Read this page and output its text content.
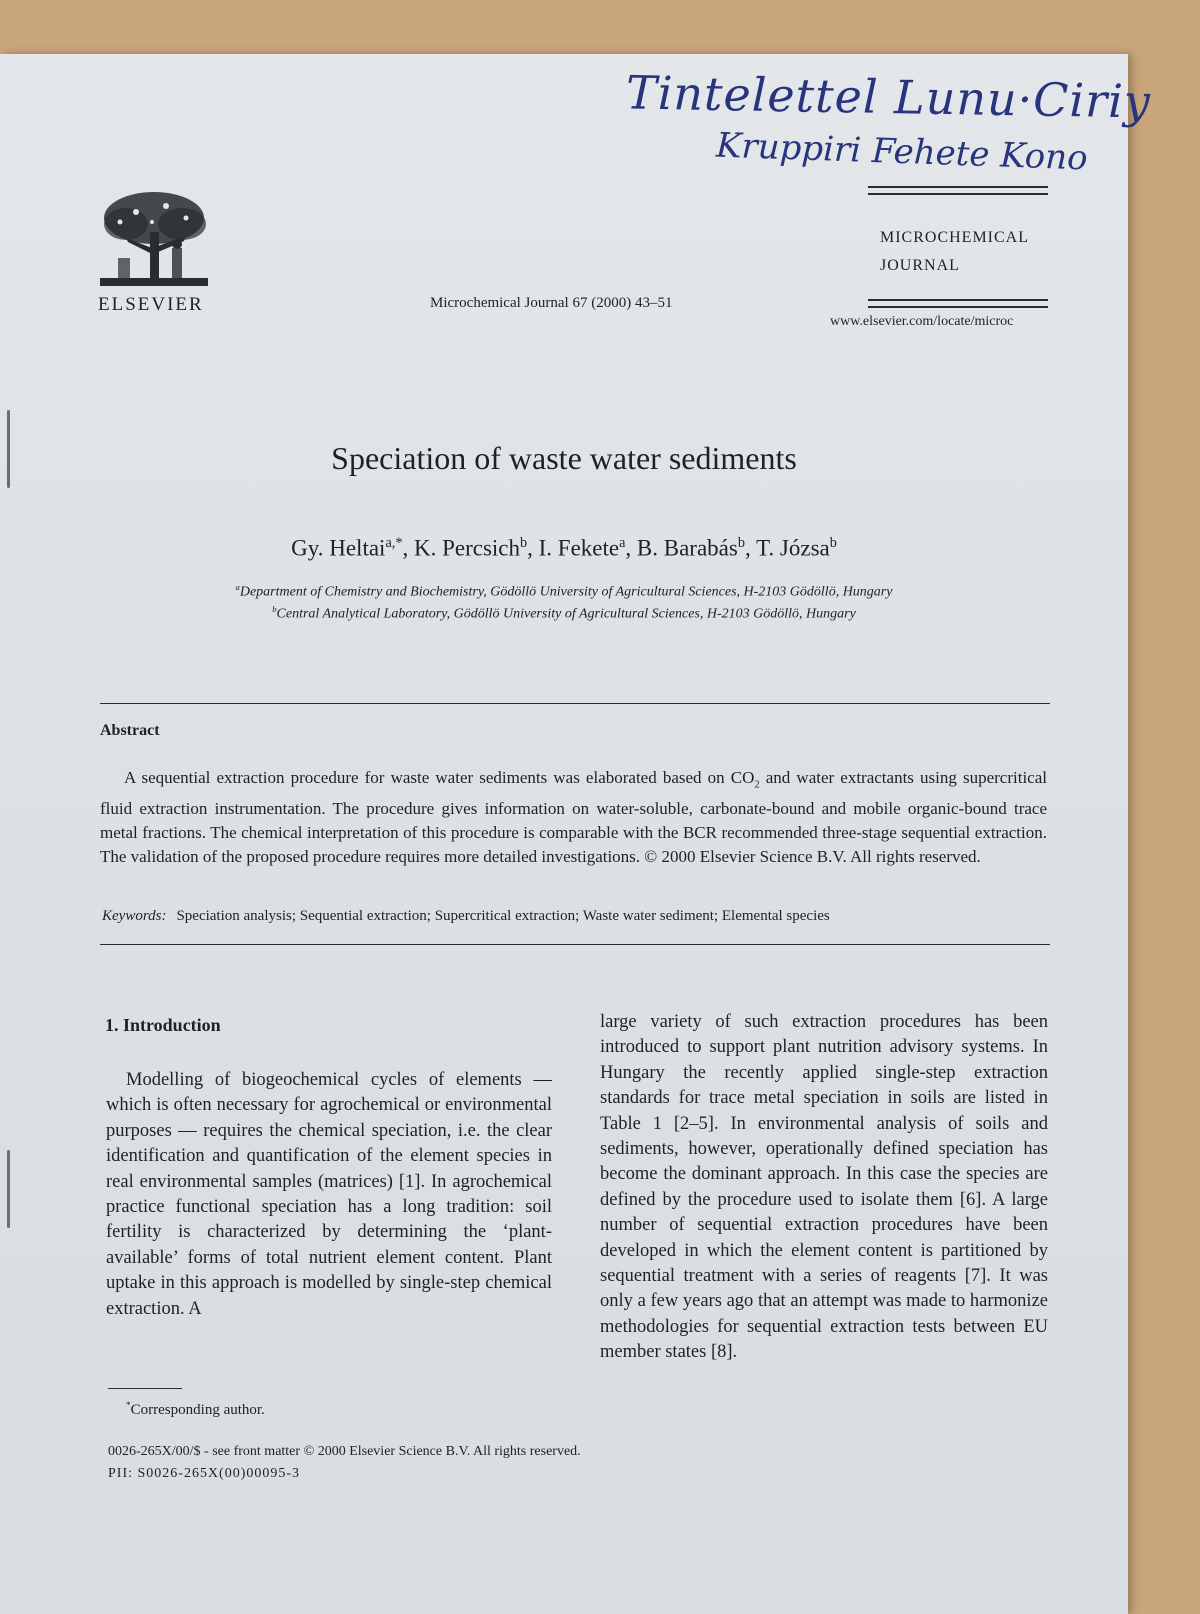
Tintelettel Lunu·Ciriy
Kruppiri Fehete Kono
ELSEVIER
MICROCHEMICAL
JOURNAL
Microchemical Journal 67 (2000) 43–51
www.elsevier.com/locate/microc
Speciation of waste water sediments
Gy. Heltai$^{a,*}$, K. Percsich$^b$, I. Fekete$^a$, B. Barabás$^b$, T. Józsa$^b$
$^a$Department of Chemistry and Biochemistry, Gödöllö University of Agricultural Sciences, H-2103 Gödöllö, Hungary
$^b$Central Analytical Laboratory, Gödöllö University of Agricultural Sciences, H-2103 Gödöllö, Hungary
Abstract

A sequential extraction procedure for waste water sediments was elaborated based on $CO_2$ and water extractants using supercritical fluid extraction instrumentation. The procedure gives information on water-soluble, carbonate-bound and mobile organic-bound trace metal fractions. The chemical interpretation of this procedure is comparable with the BCR recommended three-stage sequential extraction. The validation of the proposed procedure requires more detailed investigations. © 2000 Elsevier Science B.V. All rights reserved.

Keywords: Speciation analysis; Sequential extraction; Supercritical extraction; Waste water sediment; Elemental species
1. Introduction

Modelling of biogeochemical cycles of elements — which is often necessary for agrochemical or environmental purposes — requires the chemical speciation, i.e. the clear identification and quantification of the element species in real environmental samples (matrices) [1]. In agrochemical practice functional speciation has a long tradition: soil fertility is characterized by determining the ‘plant-available’ forms of total nutrient element content. Plant uptake in this approach is modelled by single-step chemical extraction. A

large variety of such extraction procedures has been introduced to support plant nutrition advisory systems. In Hungary the recently applied single-step extraction standards for trace metal speciation in soils are listed in Table 1 [2–5]. In environmental analysis of soils and sediments, however, operationally defined speciation has become the dominant approach. In this case the species are defined by the procedure used to isolate them [6]. A large number of sequential extraction procedures have been developed in which the element content is partitioned by sequential treatment with a series of reagents [7]. It was only a few years ago that an attempt was made to harmonize methodologies for sequential extraction tests between EU member states [8].

*Corresponding author.
0026-265X/00/$ - see front matter © 2000 Elsevier Science B.V. All rights reserved.
PII: S0026-265X(00)00095-3
